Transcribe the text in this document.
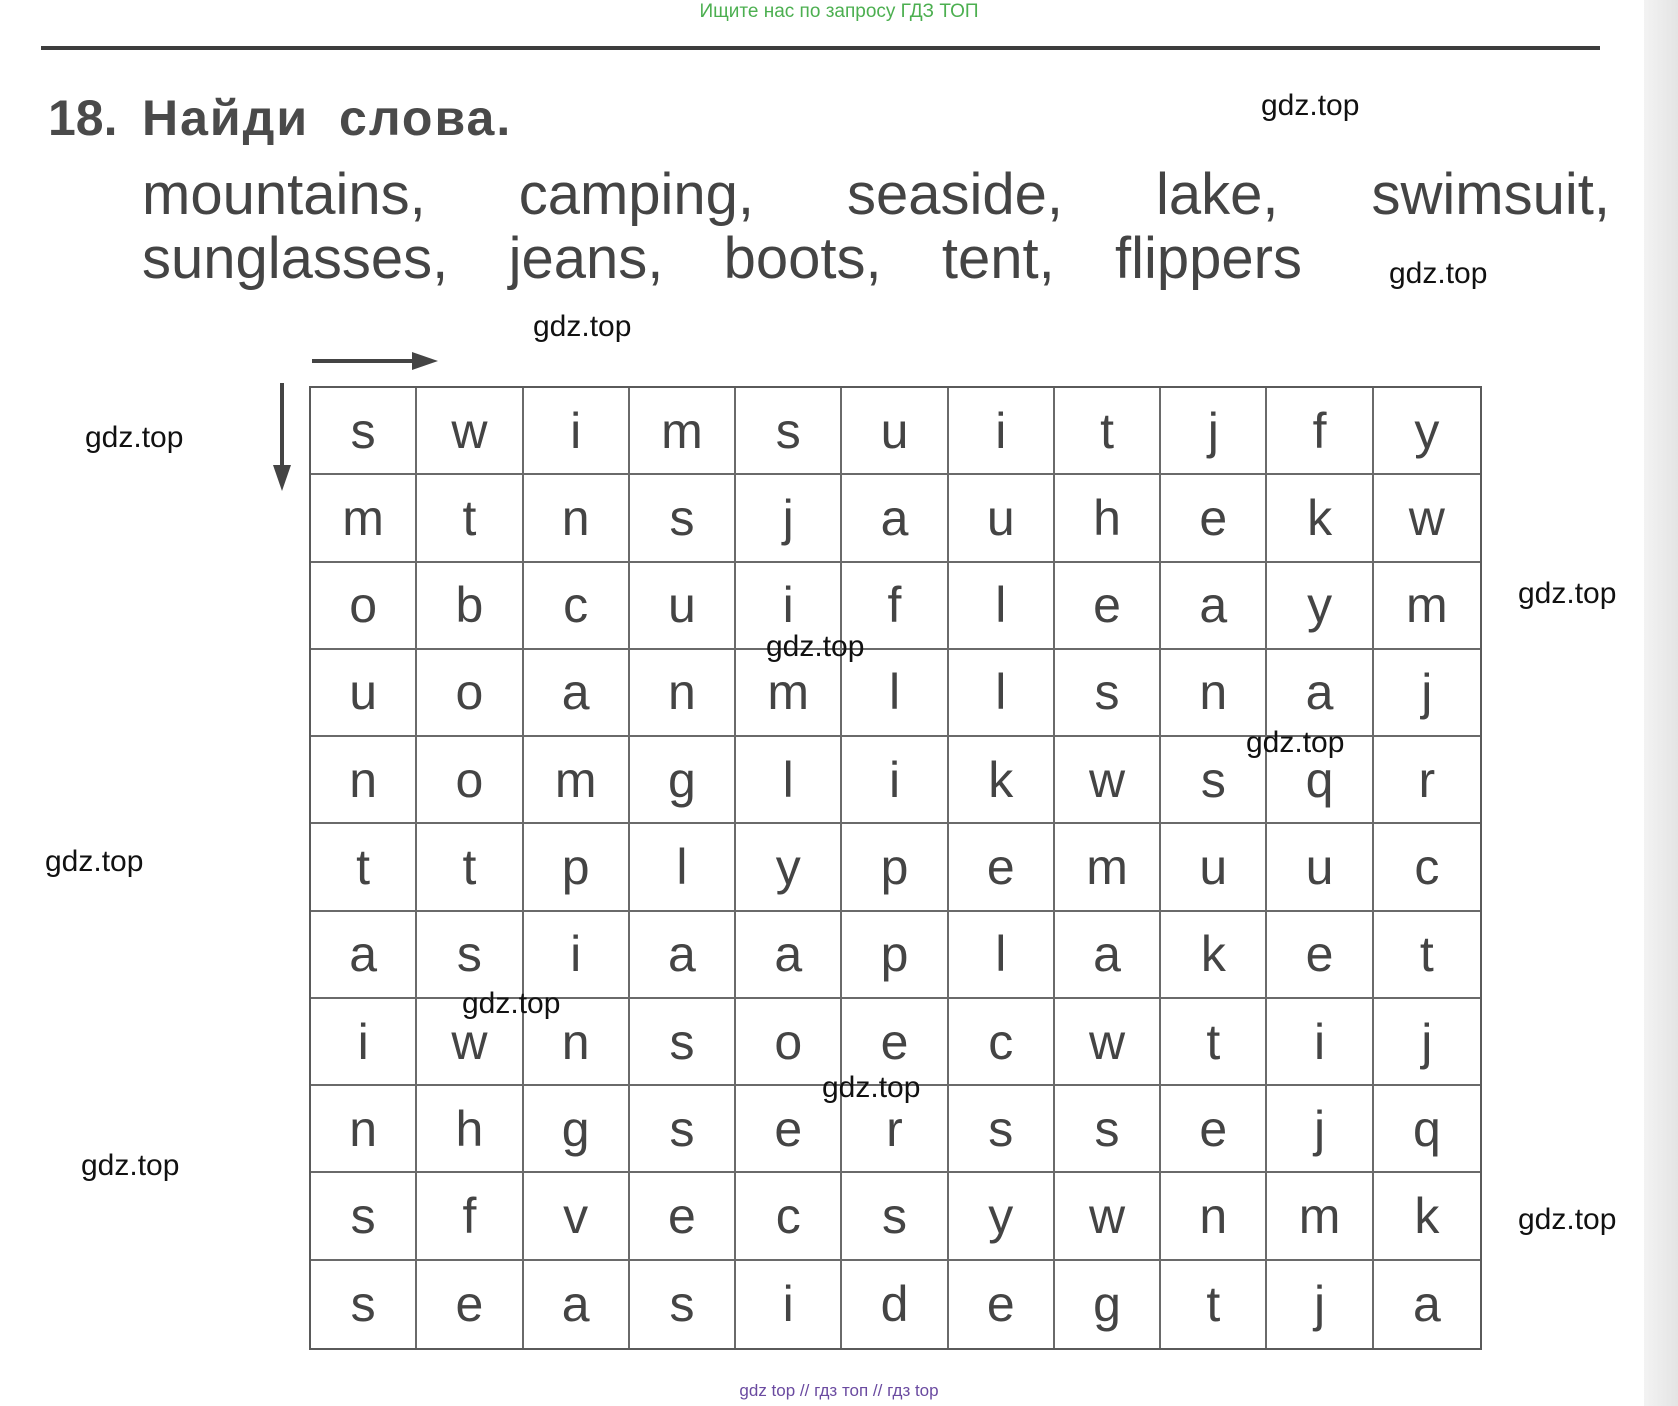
Ищите нас по запросу ГДЗ ТОП
18. Найди слова.
mountains, camping, seaside, lake, swimsuit,
sunglasses, jeans, boots, tent, flippers
s	w	i	m	s	u	i	t	j	f	y
m	t	n	s	j	a	u	h	e	k	w
o	b	c	u	i	f	l	e	a	y	m
u	o	a	n	m	l	l	s	n	a	j
n	o	m	g	l	i	k	w	s	q	r
t	t	p	l	y	p	e	m	u	u	c
a	s	i	a	a	p	l	a	k	e	t
i	w	n	s	o	e	c	w	t	i	j
n	h	g	s	e	r	s	s	e	j	q
s	f	v	e	c	s	y	w	n	m	k
s	e	a	s	i	d	e	g	t	j	a
gdz.top
gdz.top
gdz.top
gdz.top
gdz.top
gdz.top
gdz.top
gdz.top
gdz.top
gdz.top
gdz.top
gdz.top
gdz top // гдз топ // гдз top
